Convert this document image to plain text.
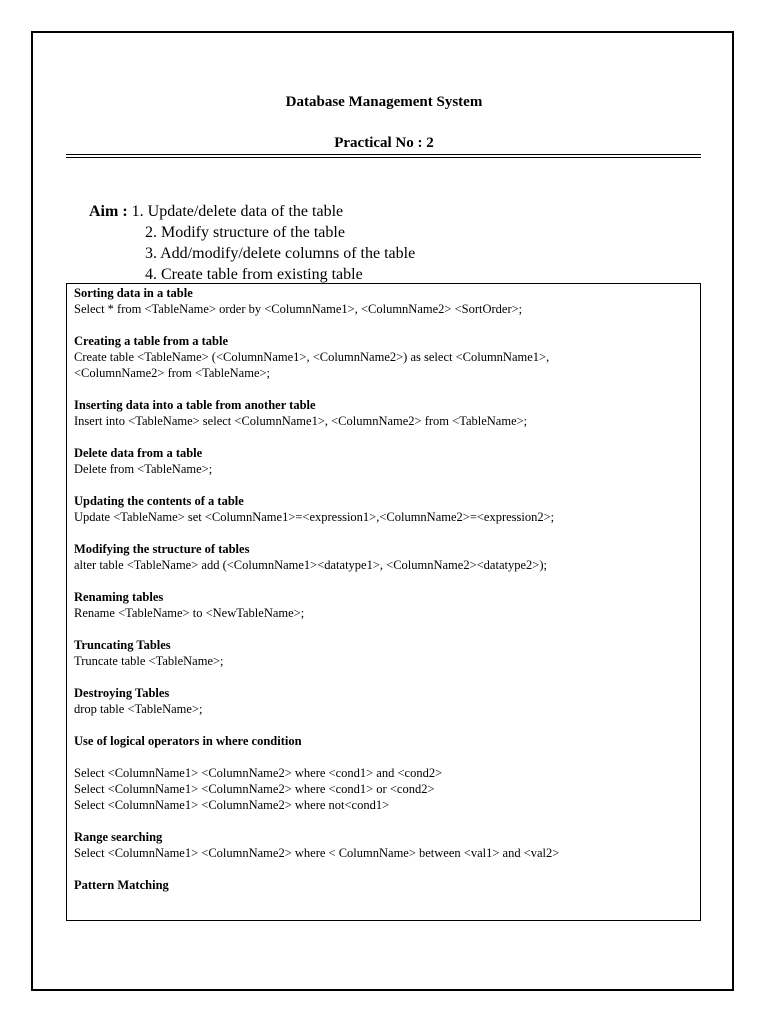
Database Management System
Practical No : 2
Aim : 1. Update/delete data of the table
2. Modify structure of the table
3. Add/modify/delete columns of the table
4. Create table from existing table
Sorting data in a table
Select * from <TableName> order by <ColumnName1>, <ColumnName2> <SortOrder>;
Creating a table from a table
Create table <TableName> (<ColumnName1>, <ColumnName2>) as select <ColumnName1>,
<ColumnName2> from <TableName>;
Inserting data into a table from another table
Insert into <TableName> select <ColumnName1>, <ColumnName2> from <TableName>;
Delete data from a table
Delete from <TableName>;
Updating the contents of a table
Update <TableName> set <ColumnName1>=<expression1>,<ColumnName2>=<expression2>;
Modifying the structure of tables
alter table <TableName> add (<ColumnName1><datatype1>, <ColumnName2><datatype2>);
Renaming tables
Rename <TableName> to <NewTableName>;
Truncating Tables
Truncate table <TableName>;
Destroying Tables
drop table <TableName>;
Use of logical operators in where condition
Select <ColumnName1> <ColumnName2> where <cond1> and <cond2>
Select <ColumnName1> <ColumnName2> where <cond1> or <cond2>
Select <ColumnName1> <ColumnName2> where not<cond1>
Range searching
Select <ColumnName1> <ColumnName2> where < ColumnName> between <val1> and <val2>
Pattern Matching
